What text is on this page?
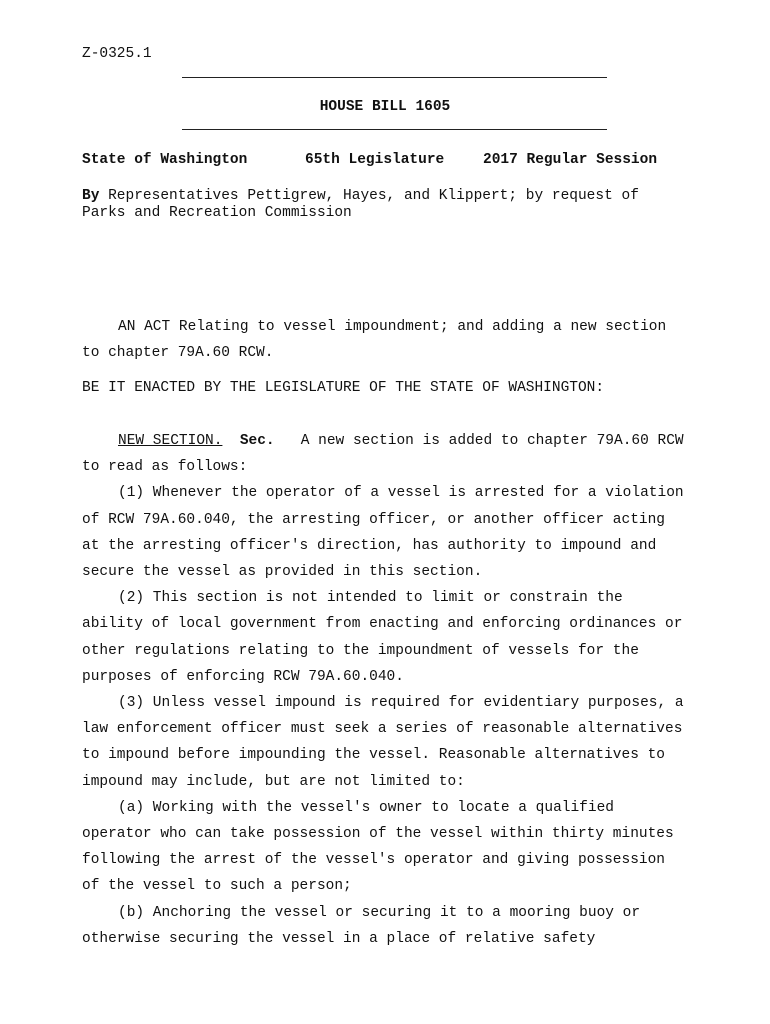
Z-0325.1
HOUSE BILL 1605
State of Washington	65th Legislature	2017 Regular Session
By Representatives Pettigrew, Hayes, and Klippert; by request of
Parks and Recreation Commission

AN ACT Relating to vessel impoundment; and adding a new section

to chapter 79A.60 RCW.

BE IT ENACTED BY THE LEGISLATURE OF THE STATE OF WASHINGTON:

NEW SECTION. Sec.   A new section is added to chapter 79A.60 RCW

to read as follows:

(1) Whenever the operator of a vessel is arrested for a violation

of RCW 79A.60.040, the arresting officer, or another officer acting

at the arresting officer's direction, has authority to impound and

secure the vessel as provided in this section.

(2) This section is not intended to limit or constrain the

ability of local government from enacting and enforcing ordinances or

other regulations relating to the impoundment of vessels for the

purposes of enforcing RCW 79A.60.040.

(3) Unless vessel impound is required for evidentiary purposes, a

law enforcement officer must seek a series of reasonable alternatives

to impound before impounding the vessel. Reasonable alternatives to

impound may include, but are not limited to:

(a) Working with the vessel's owner to locate a qualified

operator who can take possession of the vessel within thirty minutes

following the arrest of the vessel's operator and giving possession

of the vessel to such a person;

(b) Anchoring the vessel or securing it to a mooring buoy or

otherwise securing the vessel in a place of relative safety
